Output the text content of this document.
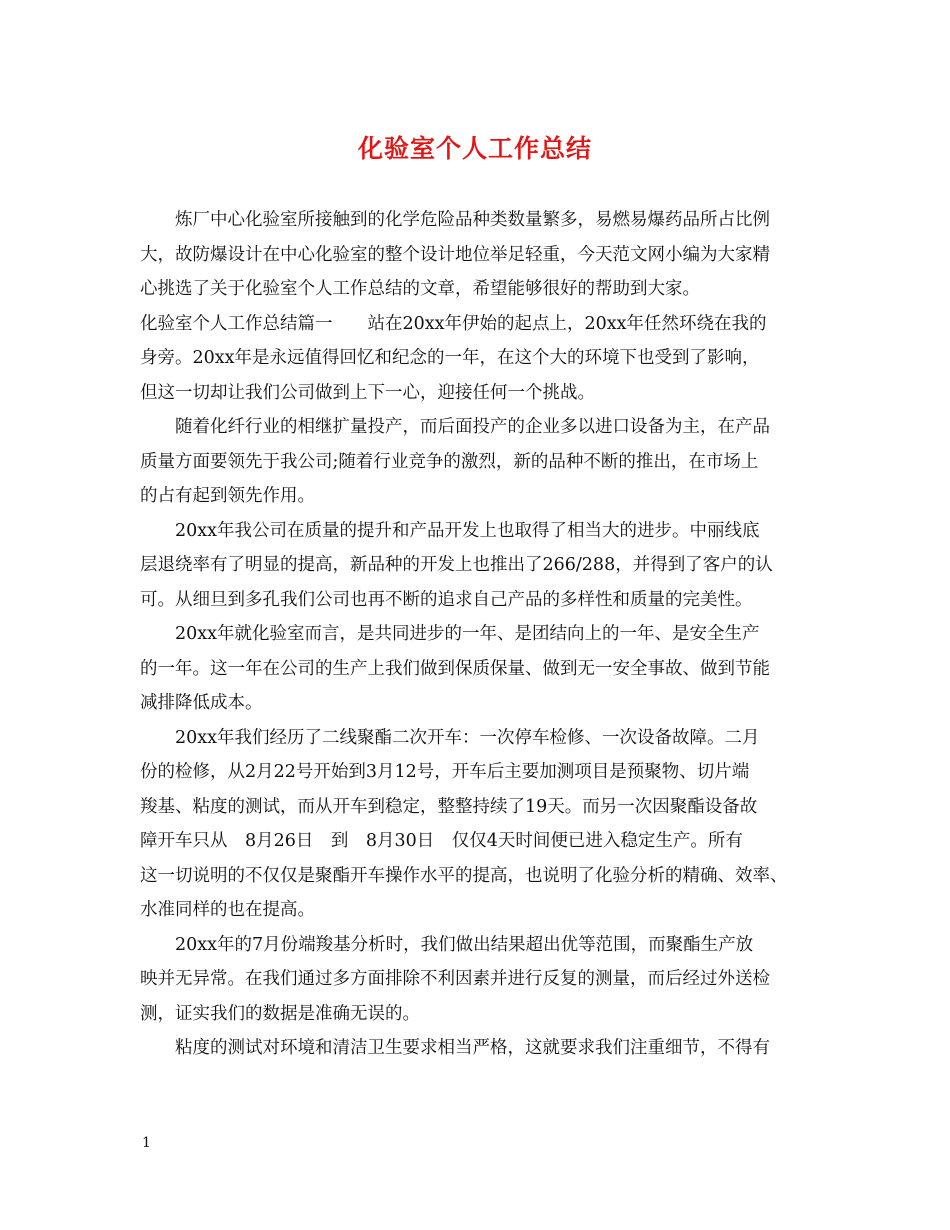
化验室个人工作总结
　　炼厂中心化验室所接触到的化学危险品种类数量繁多，易燃易爆药品所占比例
大，故防爆设计在中心化验室的整个设计地位举足轻重，今天范文网小编为大家精
心挑选了关于化验室个人工作总结的文章，希望能够很好的帮助到大家。
化验室个人工作总结篇一　　站在20xx年伊始的起点上，20xx年任然环绕在我的
身旁。20xx年是永远值得回忆和纪念的一年，在这个大的环境下也受到了影响，
但这一切却让我们公司做到上下一心，迎接任何一个挑战。
　　随着化纤行业的相继扩量投产，而后面投产的企业多以进口设备为主，在产品
质量方面要领先于我公司;随着行业竞争的激烈，新的品种不断的推出，在市场上
的占有起到领先作用。
　　20xx年我公司在质量的提升和产品开发上也取得了相当大的进步。中丽线底
层退绕率有了明显的提高，新品种的开发上也推出了266/288，并得到了客户的认
可。从细旦到多孔我们公司也再不断的追求自己产品的多样性和质量的完美性。
　　20xx年就化验室而言，是共同进步的一年、是团结向上的一年、是安全生产
的一年。这一年在公司的生产上我们做到保质保量、做到无一安全事故、做到节能
减排降低成本。
　　20xx年我们经历了二线聚酯二次开车：一次停车检修、一次设备故障。二月
份的检修，从2月22号开始到3月12号，开车后主要加测项目是预聚物、切片端
羧基、粘度的测试，而从开车到稳定，整整持续了19天。而另一次因聚酯设备故
障开车只从　8月26日　到　8月30日　仅仅4天时间便已进入稳定生产。所有
这一切说明的不仅仅是聚酯开车操作水平的提高，也说明了化验分析的精确、效率、
水准同样的也在提高。
　　20xx年的7月份端羧基分析时，我们做出结果超出优等范围，而聚酯生产放
映并无异常。在我们通过多方面排除不利因素并进行反复的测量，而后经过外送检
测，证实我们的数据是准确无误的。
　　粘度的测试对环境和清洁卫生要求相当严格，这就要求我们注重细节，不得有
1
